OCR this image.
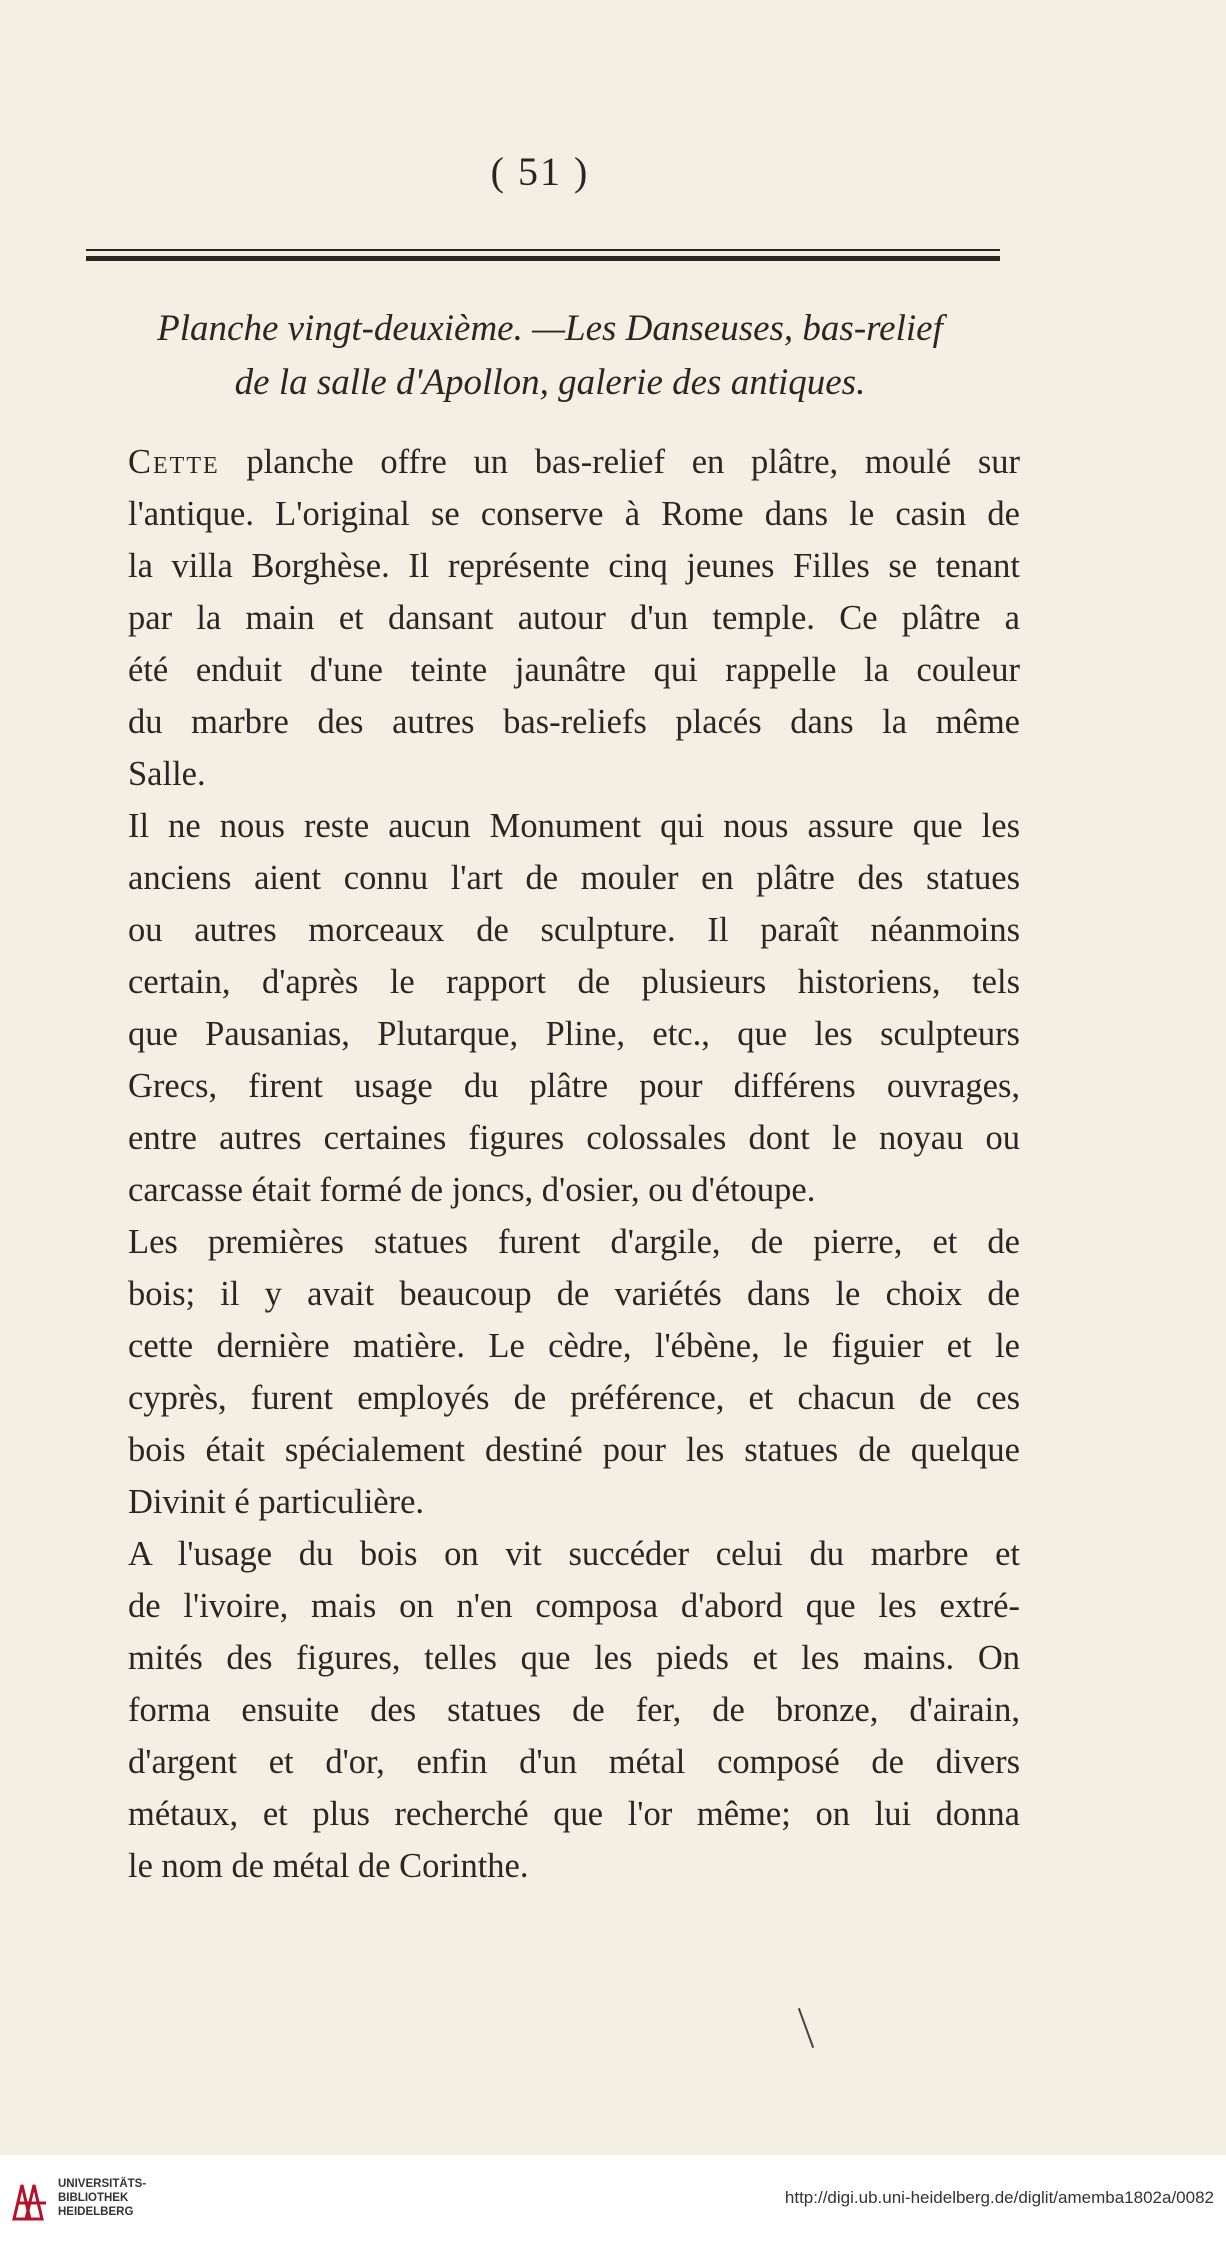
( 51 )
Planche vingt-deuxième. —Les Danseuses, bas-relief
de la salle d'Apollon, galerie des antiques.

Cette planche offre un bas-relief en plâtre, moulé sur
l'antique. L'original se conserve à Rome dans le casin de
la villa Borghèse. Il représente cinq jeunes Filles se tenant
par la main et dansant autour d'un temple. Ce plâtre a
été enduit d'une teinte jaunâtre qui rappelle la couleur
du marbre des autres bas-reliefs placés dans la même
Salle.

Il ne nous reste aucun Monument qui nous assure que les
anciens aient connu l'art de mouler en plâtre des statues
ou autres morceaux de sculpture. Il paraît néanmoins
certain, d'après le rapport de plusieurs historiens, tels
que Pausanias, Plutarque, Pline, etc., que les sculpteurs
Grecs, firent usage du plâtre pour différens ouvrages,
entre autres certaines figures colossales dont le noyau ou
carcasse était formé de joncs, d'osier, ou d'étoupe.

Les premières statues furent d'argile, de pierre, et de
bois; il y avait beaucoup de variétés dans le choix de
cette dernière matière. Le cèdre, l'ébène, le figuier et le
cyprès, furent employés de préférence, et chacun de ces
bois était spécialement destiné pour les statues de quelque
Divinit é particulière.

A l'usage du bois on vit succéder celui du marbre et
de l'ivoire, mais on n'en composa d'abord que les extré-
mités des figures, telles que les pieds et les mains. On
forma ensuite des statues de fer, de bronze, d'airain,
d'argent et d'or, enfin d'un métal composé de divers
métaux, et plus recherché que l'or même; on lui donna
le nom de métal de Corinthe.

UNIVERSITÄTS-
BIBLIOTHEK
HEIDELBERG
http://digi.ub.uni-heidelberg.de/diglit/amemba1802a/0082
